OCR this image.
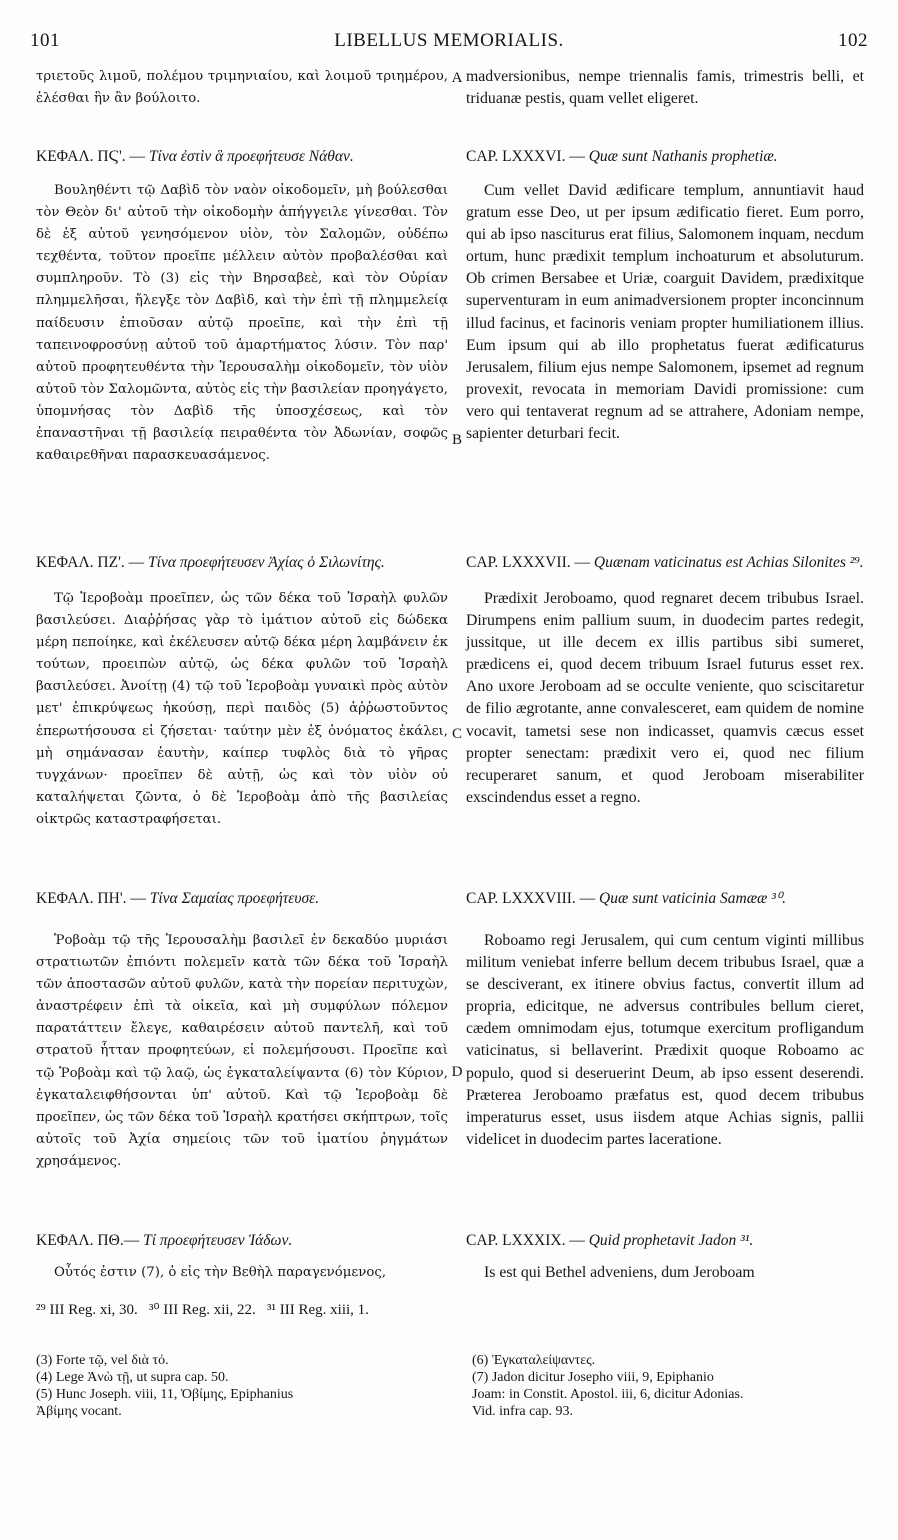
101	LIBELLUS MEMORIALIS.	102

τριετοῦς λιμοῦ, πολέμου τριμηνιαίου, καὶ λοιμοῦ τριημέρου, ἑλέσθαι ἣν ἂν βούλοιτο.

ΚΕΦΑΛ. ΠϚ'. — Τίνα ἐστὶν ἃ προεφήτευσε Νάθαν.

Βουληθέντι τῷ Δαβὶδ τὸν ναὸν οἰκοδομεῖν, μὴ βούλεσθαι τὸν Θεὸν δι' αὐτοῦ τὴν οἰκοδομὴν ἀπήγγειλε γίνεσθαι. Τὸν δὲ ἐξ αὐτοῦ γενησόμενον υἱὸν, τὸν Σαλομῶν, οὐδέπω τεχθέντα, τοῦτον προεῖπε μέλλειν αὐτὸν προβαλέσθαι καὶ συμπληροῦν. Τὸ (3) εἰς τὴν Βηρσαβεὲ, καὶ τὸν Οὐρίαν πλημμελῆσαι, ἤλεγξε τὸν Δαβὶδ, καὶ τὴν ἐπὶ τῇ πλημμελείᾳ παίδευσιν ἐπιοῦσαν αὐτῷ προεῖπε, καὶ τὴν ἐπὶ τῇ ταπεινοφροσύνῃ αὐτοῦ τοῦ ἁμαρτήματος λύσιν. Τὸν παρ' αὐτοῦ προφητευθέντα τὴν Ἱερουσαλὴμ οἰκοδομεῖν, τὸν υἱὸν αὐτοῦ τὸν Σαλομῶντα, αὐτὸς εἰς τὴν βασιλείαν προηγάγετο, ὑπομνήσας τὸν Δαβὶδ τῆς ὑποσχέσεως, καὶ τὸν ἐπαναστῆναι τῇ βασιλείᾳ πειραθέντα τὸν Ἀδωνίαν, σοφῶς καθαιρεθῆναι παρασκευασάμενος.

ΚΕΦΑΛ. ΠΖ'. — Τίνα προεφήτευσεν Ἀχίας ὁ Σιλωνίτης.

Τῷ Ἱεροβοὰμ προεῖπεν, ὡς τῶν δέκα τοῦ Ἰσραὴλ φυλῶν βασιλεύσει. Διαῤῥήσας γὰρ τὸ ἱμάτιον αὐτοῦ εἰς δώδεκα μέρη πεποίηκε, καὶ ἐκέλευσεν αὐτῷ δέκα μέρη λαμβάνειν ἐκ τούτων, προειπὼν αὐτῷ, ὡς δέκα φυλῶν τοῦ Ἰσραὴλ βασιλεύσει. Ἀνοίτῃ (4) τῷ τοῦ Ἱεροβοὰμ γυναικὶ πρὸς αὐτὸν μετ' ἐπικρύψεως ἡκούσῃ, περὶ παιδὸς (5) ἀῤῥωστοῦντος ἐπερωτήσουσα εἰ ζήσεται· ταύτην μὲν ἐξ ὀνόματος ἐκάλει, μὴ σημάνασαν ἑαυτὴν, καίπερ τυφλὸς διὰ τὸ γῆρας τυγχάνων· προεῖπεν δὲ αὐτῇ, ὡς καὶ τὸν υἱὸν οὐ καταλήψεται ζῶντα, ὁ δὲ Ἱεροβοὰμ ἀπὸ τῆς βασιλείας οἰκτρῶς καταστραφήσεται.

ΚΕΦΑΛ. ΠΗ'. — Τίνα Σαμαίας προεφήτευσε.

Ῥοβοὰμ τῷ τῆς Ἱερουσαλὴμ βασιλεῖ ἐν δεκαδύο μυριάσι στρατιωτῶν ἐπιόντι πολεμεῖν κατὰ τῶν δέκα τοῦ Ἰσραὴλ τῶν ἀποστασῶν αὐτοῦ φυλῶν, κατὰ τὴν πορείαν περιτυχὼν, ἀναστρέφειν ἐπὶ τὰ οἰκεῖα, καὶ μὴ συμφύλων πόλεμον παρατάττειν ἔλεγε, καθαιρέσειν αὐτοῦ παντελῆ, καὶ τοῦ στρατοῦ ἧτταν προφητεύων, εἰ πολεμήσουσι. Προεῖπε καὶ τῷ Ῥοβοὰμ καὶ τῷ λαῷ, ὡς ἐγκαταλείψαντα (6) τὸν Κύριον, ἐγκαταλειφθήσονται ὑπ' αὐτοῦ. Καὶ τῷ Ἱεροβοὰμ δὲ προεῖπεν, ὡς τῶν δέκα τοῦ Ἰσραὴλ κρατήσει σκήπτρων, τοῖς αὐτοῖς τοῦ Ἀχία σημείοις τῶν τοῦ ἱματίου ῥηγμάτων χρησάμενος.

ΚΕΦΑΛ. ΠΘ.— Τί προεφήτευσεν Ἰάδων.

Οὗτός ἐστιν (7), ὁ εἰς τὴν Βεθὴλ παραγενόμενος,

A
B
C
D

madversionibus, nempe triennalis famis, trimestris belli, et triduanæ pestis, quam vellet eligeret.

CAP. LXXXVI. — Quæ sunt Nathanis prophetiæ.

Cum vellet David ædificare templum, annuntiavit haud gratum esse Deo, ut per ipsum ædificatio fieret. Eum porro, qui ab ipso nasciturus erat filius, Salomonem inquam, necdum ortum, hunc prædixit templum inchoaturum et absoluturum. Ob crimen Bersabee et Uriæ, coarguit Davidem, prædixitque superventuram in eum animadversionem propter inconcinnum illud facinus, et facinoris veniam propter humiliationem illius. Eum ipsum qui ab illo prophetatus fuerat ædificaturus Jerusalem, filium ejus nempe Salomonem, ipsemet ad regnum provexit, revocata in memoriam Davidi promissione: cum vero qui tentaverat regnum ad se attrahere, Adoniam nempe, sapienter deturbari fecit.

CAP. LXXXVII. — Quænam vaticinatus est Achias Silonites ²⁹.

Prædixit Jeroboamo, quod regnaret decem tribubus Israel. Dirumpens enim pallium suum, in duodecim partes redegit, jussitque, ut ille decem ex illis partibus sibi sumeret, prædicens ei, quod decem tribuum Israel futurus esset rex. Ano uxore Jeroboam ad se occulte veniente, quo sciscitaretur de filio ægrotante, anne convalesceret, eam quidem de nomine vocavit, tametsi sese non indicasset, quamvis cæcus esset propter senectam: prædixit vero ei, quod nec filium recuperaret sanum, et quod Jeroboam miserabiliter exscindendus esset a regno.

CAP. LXXXVIII. — Quæ sunt vaticinia Samææ ³⁰.

Roboamo regi Jerusalem, qui cum centum viginti millibus militum veniebat inferre bellum decem tribubus Israel, quæ a se desciverant, ex itinere obvius factus, convertit illum ad propria, edicitque, ne adversus contribules bellum cieret, cædem omnimodam ejus, totumque exercitum profligandum vaticinatus, si bellaverint. Prædixit quoque Roboamo ac populo, quod si deseruerint Deum, ab ipso essent deserendi. Præterea Jeroboamo præfatus est, quod decem tribubus imperaturus esset, usus iisdem atque Achias signis, pallii videlicet in duodecim partes laceratione.

CAP. LXXXIX. — Quid prophetavit Jadon ³¹.

Is est qui Bethel adveniens, dum Jeroboam

²⁹ III Reg. xi, 30.   ³⁰ III Reg. xii, 22.   ³¹ III Reg. xiii, 1.
(3) Forte τῷ, vel διὰ τό.
(4) Lege Ἀνὼ τῇ, ut supra cap. 50.
(5) Hunc Joseph. viii, 11, Ὀβίμης, Epiphanius
Ἀβίμης vocant.
(6) Ἐγκαταλείψαντες.
(7) Jadon dicitur Josepho viii, 9, Epiphanio
Joam: in Constit. Apostol. iii, 6, dicitur Adonias.
Vid. infra cap. 93.
